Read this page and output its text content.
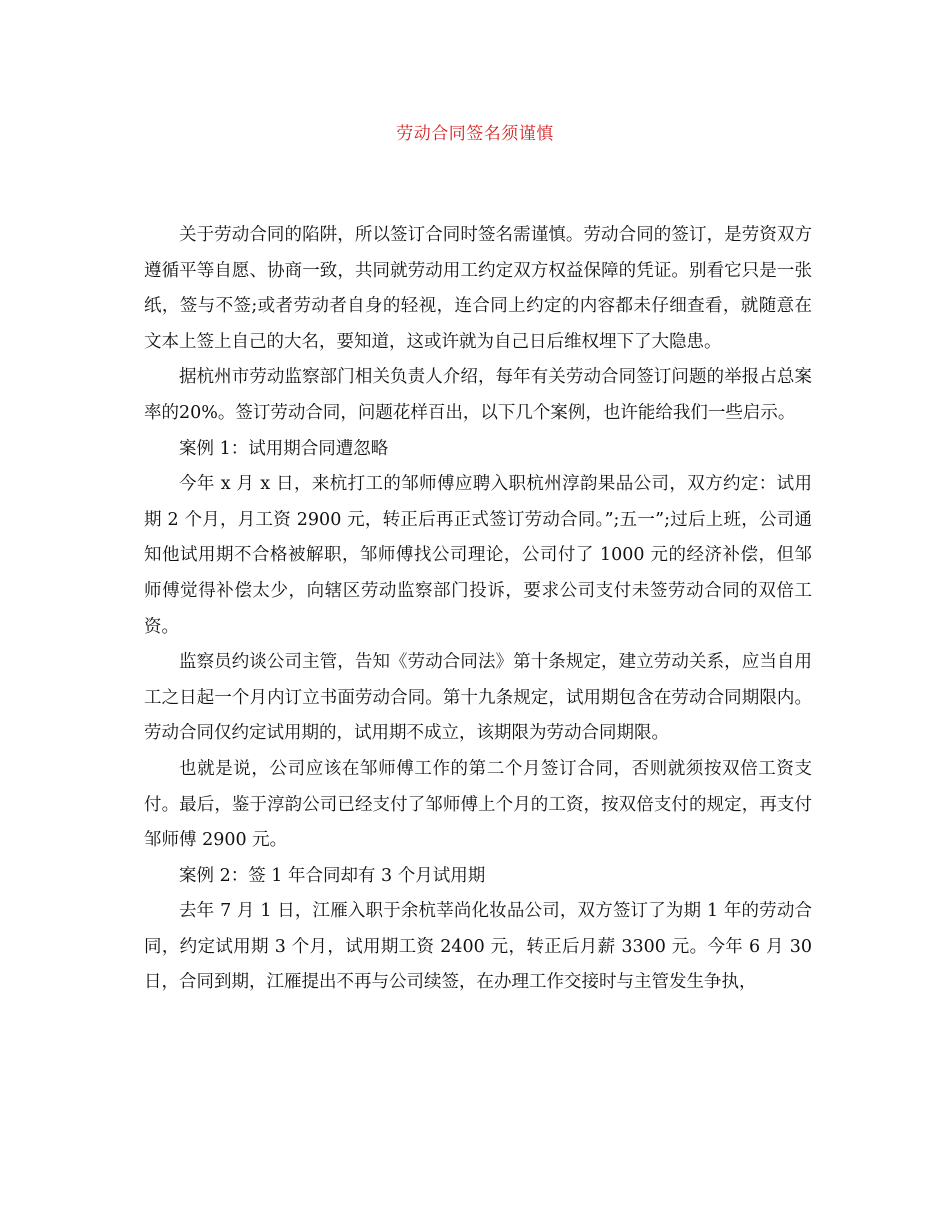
劳动合同签名须谨慎

关于劳动合同的陷阱，所以签订合同时签名需谨慎。劳动合同的签订，是劳资双方遵循平等自愿、协商一致，共同就劳动用工约定双方权益保障的凭证。别看它只是一张纸，签与不签;或者劳动者自身的轻视，连合同上约定的内容都未仔细查看，就随意在文本上签上自己的大名，要知道，这或许就为自己日后维权埋下了大隐患。

据杭州市劳动监察部门相关负责人介绍，每年有关劳动合同签订问题的举报占总案率的20%。签订劳动合同，问题花样百出，以下几个案例，也许能给我们一些启示。

案例 1：试用期合同遭忽略

今年 x 月 x 日，来杭打工的邹师傅应聘入职杭州淳韵果品公司，双方约定：试用期 2 个月，月工资 2900 元，转正后再正式签订劳动合同。”;五一”;过后上班，公司通知他试用期不合格被解职，邹师傅找公司理论，公司付了 1000 元的经济补偿，但邹师傅觉得补偿太少，向辖区劳动监察部门投诉，要求公司支付未签劳动合同的双倍工资。

监察员约谈公司主管，告知《劳动合同法》第十条规定，建立劳动关系，应当自用工之日起一个月内订立书面劳动合同。第十九条规定，试用期包含在劳动合同期限内。劳动合同仅约定试用期的，试用期不成立，该期限为劳动合同期限。

也就是说，公司应该在邹师傅工作的第二个月签订合同，否则就须按双倍工资支付。最后，鉴于淳韵公司已经支付了邹师傅上个月的工资，按双倍支付的规定，再支付邹师傅 2900 元。

案例 2：签 1 年合同却有 3 个月试用期

去年 7 月 1 日，江雁入职于余杭莘尚化妆品公司，双方签订了为期 1 年的劳动合同，约定试用期 3 个月，试用期工资 2400 元，转正后月薪 3300 元。今年 6 月 30 日，合同到期，江雁提出不再与公司续签，在办理工作交接时与主管发生争执，
